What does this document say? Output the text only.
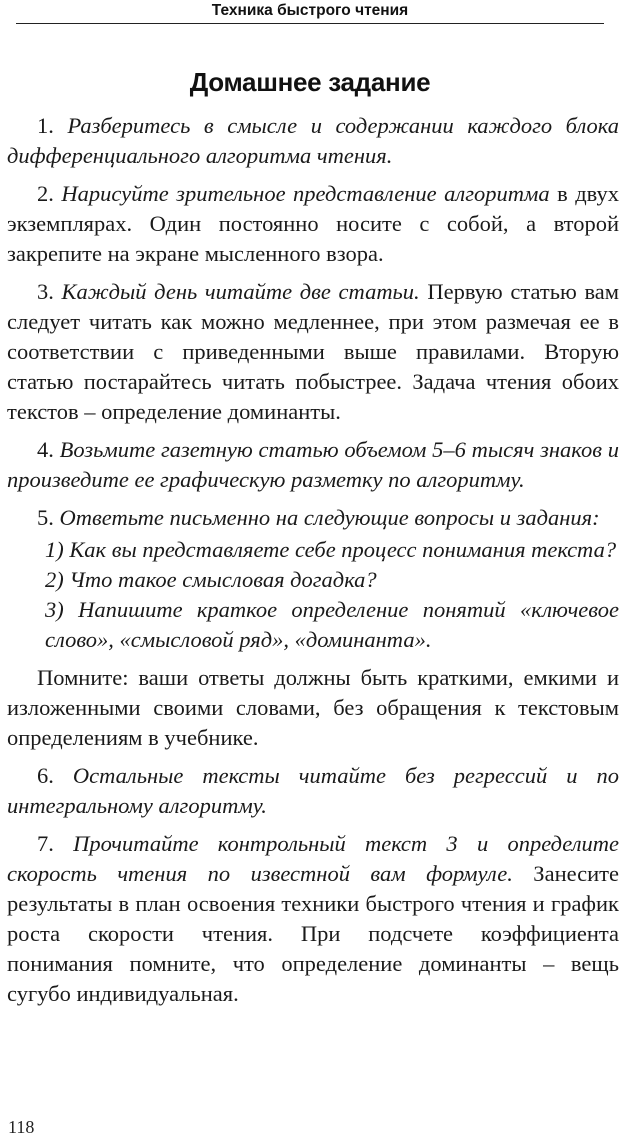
Техника быстрого чтения
Домашнее задание

1. Разберитесь в смысле и содержании каждого блока дифференциального алгоритма чтения.

2. Нарисуйте зрительное представление алгоритма в двух экземплярах. Один постоянно носите с собой, а второй закрепите на экране мысленного взора.

3. Каждый день читайте две статьи. Первую статью вам следует читать как можно медленнее, при этом размечая ее в соответствии с приведенными выше правилами. Вторую статью постарайтесь читать побыстрее. Задача чтения обоих текстов – определение доминанты.

4. Возьмите газетную статью объемом 5–6 тысяч знаков и произведите ее графическую разметку по алгоритму.

5. Ответьте письменно на следующие вопросы и задания:

1) Как вы представляете себе процесс понимания текста?

2) Что такое смысловая догадка?

3) Напишите краткое определение понятий «ключевое слово», «смысловой ряд», «доминанта».

Помните: ваши ответы должны быть краткими, емкими и изложенными своими словами, без обращения к текстовым определениям в учебнике.

6. Остальные тексты читайте без регрессий и по интегральному алгоритму.

7. Прочитайте контрольный текст 3 и определите скорость чтения по известной вам формуле. Занесите результаты в план освоения техники быстрого чтения и график роста скорости чтения. При подсчете коэффициента понимания помните, что определение доминанты – вещь сугубо индивидуальная.

118
